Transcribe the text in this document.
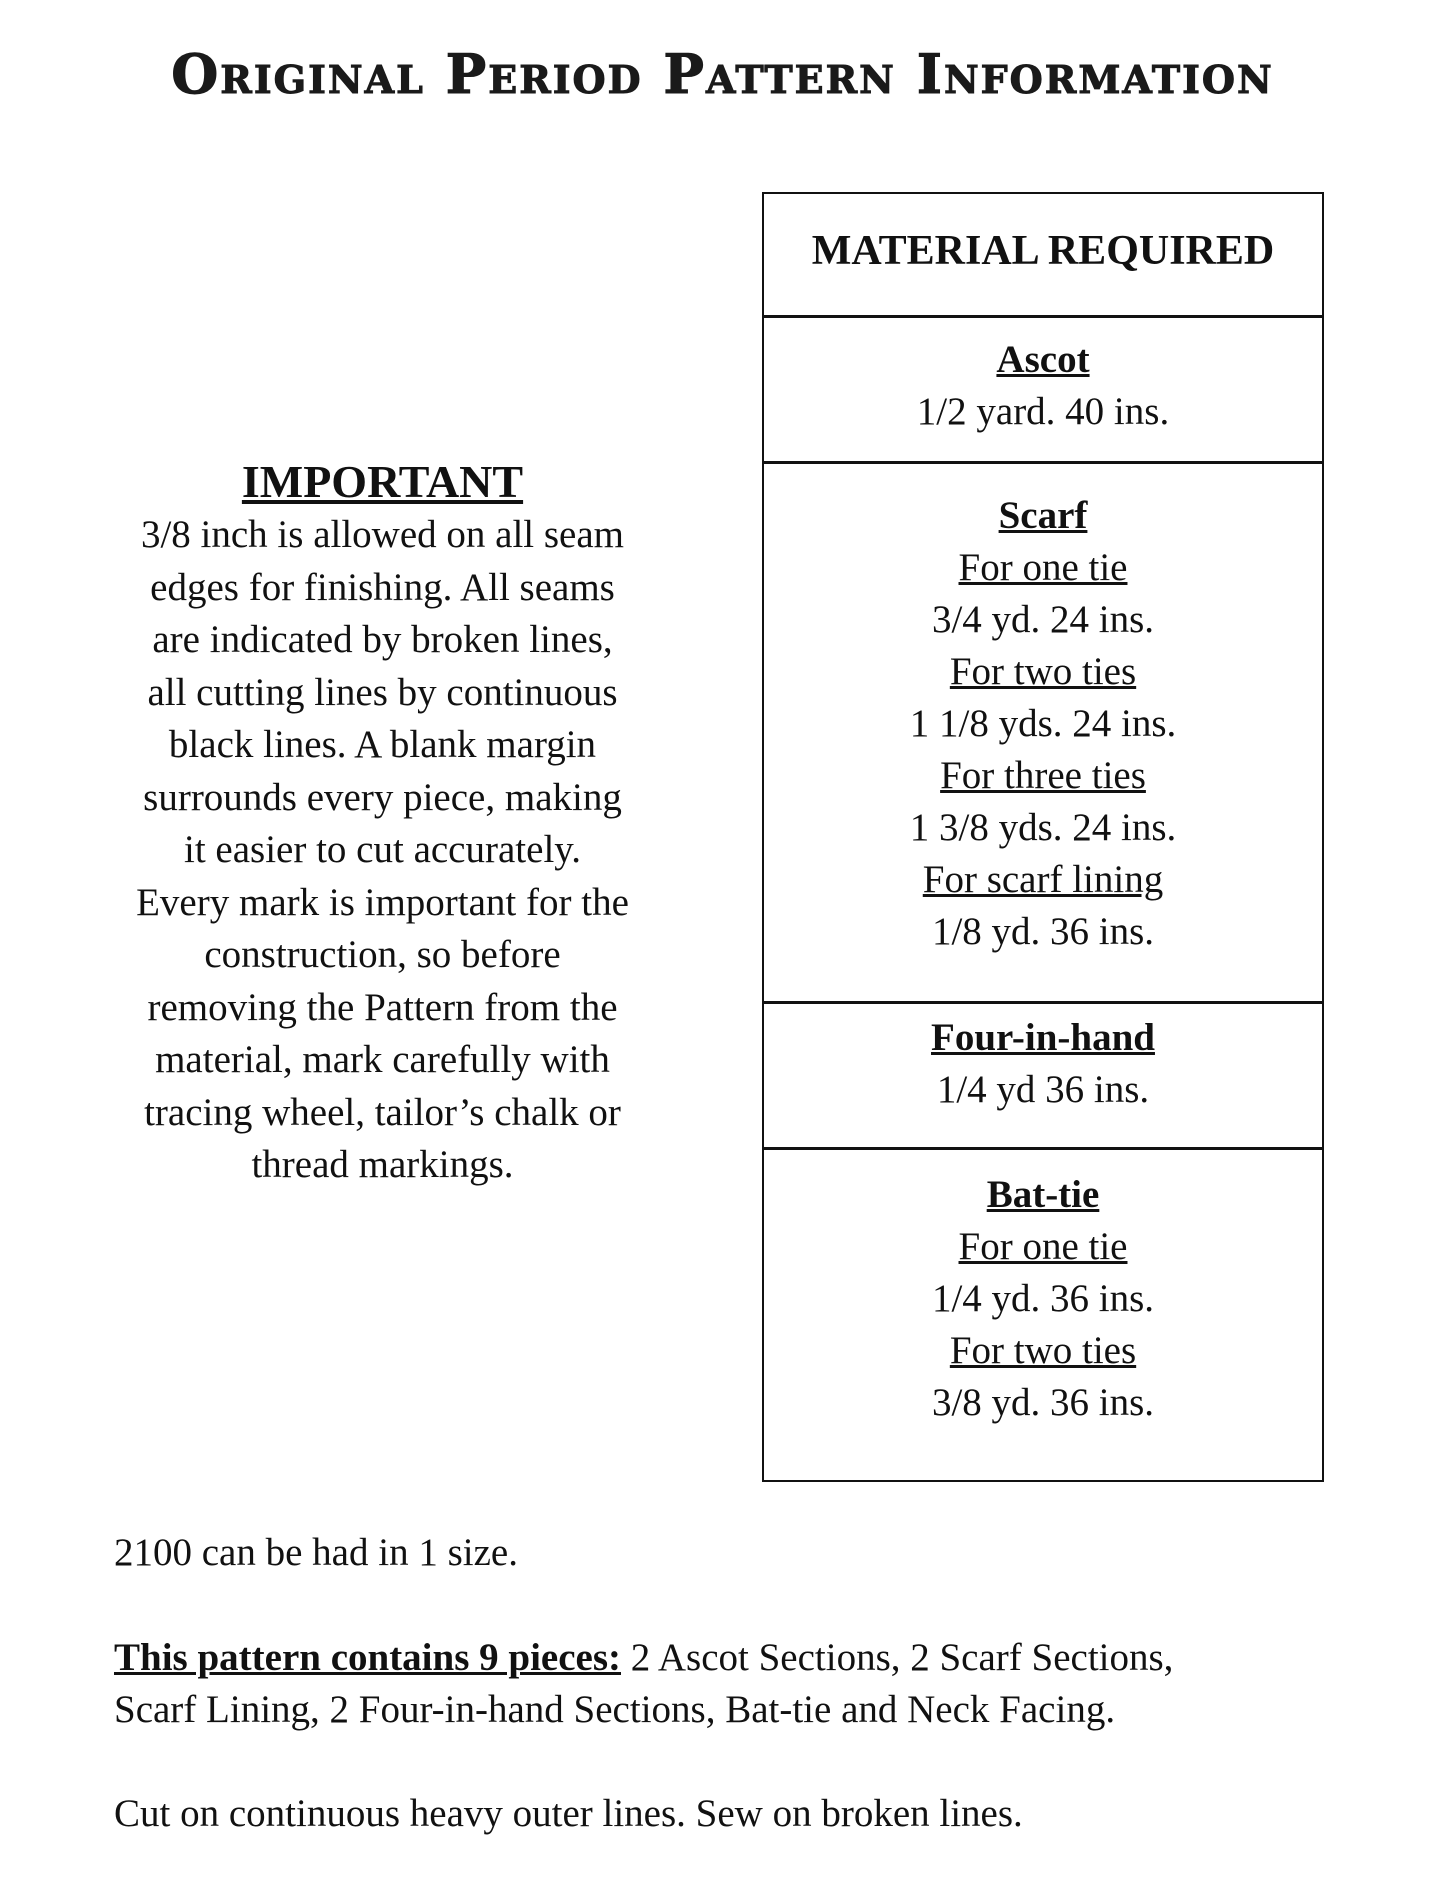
Original Period Pattern Information
IMPORTANT
3/8 inch is allowed on all seam
edges for finishing. All seams
are indicated by broken lines,
all cutting lines by continuous
black lines. A blank margin
surrounds every piece, making
it easier to cut accurately.
Every mark is important for the
construction, so before
removing the Pattern from the
material, mark carefully with
tracing wheel, tailor’s chalk or
thread markings.
MATERIAL REQUIRED
Ascot
1/2 yard. 40 ins.
Scarf
For one tie
3/4 yd. 24 ins.
For two ties
1 1/8 yds. 24 ins.
For three ties
1 3/8 yds. 24 ins.
For scarf lining
1/8 yd. 36 ins.
Four-in-hand
1/4 yd 36 ins.
Bat-tie
For one tie
1/4 yd. 36 ins.
For two ties
3/8 yd. 36 ins.
2100 can be had in 1 size.
This pattern contains 9 pieces: 2 Ascot Sections, 2 Scarf Sections,
Scarf Lining, 2 Four-in-hand Sections, Bat-tie and Neck Facing.
Cut on continuous heavy outer lines. Sew on broken lines.
